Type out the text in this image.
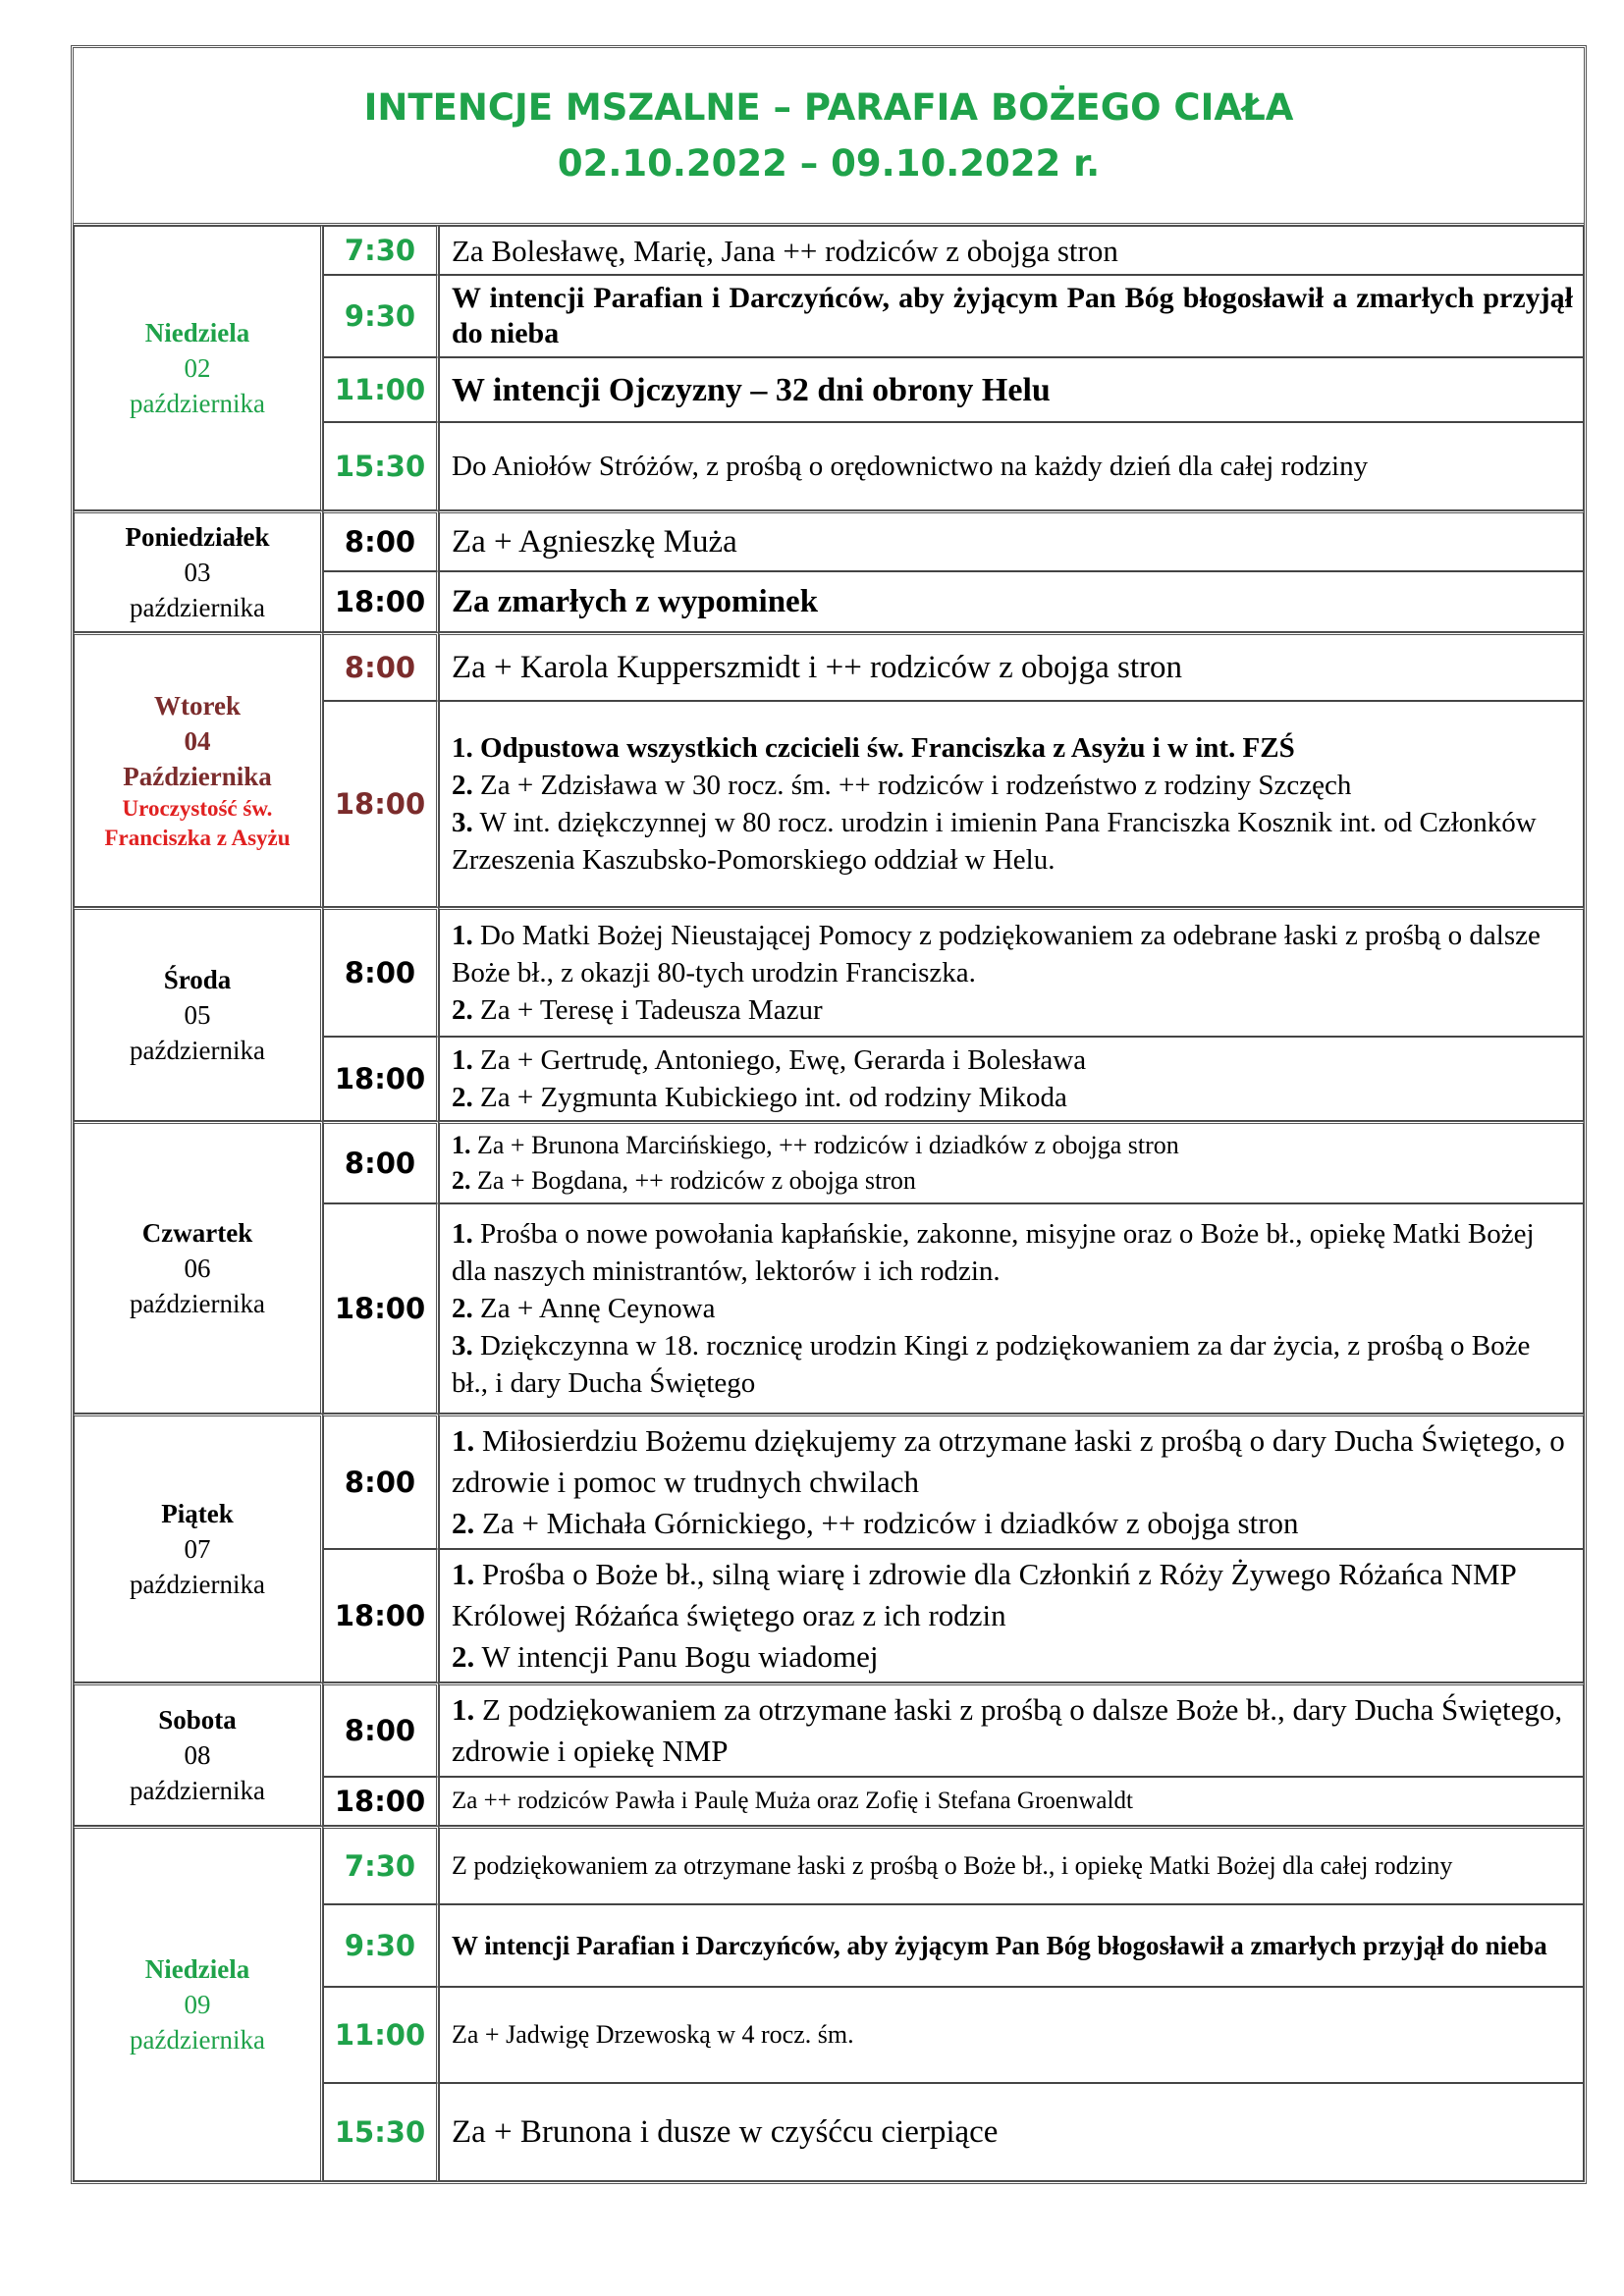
INTENCJE MSZALNE – PARAFIA BOŻEGO CIAŁA
02.10.2022 – 09.10.2022 r.
Niedziela
02
października	7:30	Za Bolesławę, Marię, Jana ++ rodziców z obojga stron
	9:30	W intencji Parafian i Darczyńców, aby żyjącym Pan Bóg błogosławił a zmarłych przyjął do nieba
	11:00	W intencji Ojczyzny – 32 dni obrony Helu
	15:30	Do Aniołów Stróżów, z prośbą o orędownictwo na każdy dzień dla całej rodziny

Poniedziałek
03
października	8:00	Za + Agnieszkę Muża
	18:00	Za zmarłych z wypominek

Wtorek
04
Października
Uroczystość św. Franciszka z Asyżu	8:00	Za + Karola Kupperszmidt i ++ rodziców z obojga stron
	18:00	1. Odpustowa wszystkich czcicieli św. Franciszka z Asyżu i w int. FZŚ
2. Za + Zdzisława w 30 rocz. śm. ++ rodziców i rodzeństwo z rodziny Szczęch
3. W int. dziękczynnej w 80 rocz. urodzin i imienin Pana Franciszka Kosznik int. od Członków Zrzeszenia Kaszubsko-Pomorskiego oddział w Helu.

Środa
05
października	8:00	1. Do Matki Bożej Nieustającej Pomocy z podziękowaniem za odebrane łaski z prośbą o dalsze Boże bł., z okazji 80-tych urodzin Franciszka.
2. Za + Teresę i Tadeusza Mazur

	18:00	1. Za + Gertrudę, Antoniego, Ewę, Gerarda i Bolesława
2. Za + Zygmunta Kubickiego int. od rodziny Mikoda

Czwartek
06
października	8:00	1. Za + Brunona Marcińskiego, ++ rodziców i dziadków z obojga stron
2. Za + Bogdana, ++ rodziców z obojga stron

	18:00	1. Prośba o nowe powołania kapłańskie, zakonne, misyjne oraz o Boże bł., opiekę Matki Bożej dla naszych ministrantów, lektorów i ich rodzin.
2. Za + Annę Ceynowa
3. Dziękczynna w 18. rocznicę urodzin Kingi z podziękowaniem za dar życia, z prośbą o Boże bł., i dary Ducha Świętego

Piątek
07
października	8:00	1. Miłosierdziu Bożemu dziękujemy za otrzymane łaski z prośbą o dary Ducha Świętego, o zdrowie i pomoc w trudnych chwilach
2. Za + Michała Górnickiego, ++ rodziców i dziadków z obojga stron

	18:00	1. Prośba o Boże bł., silną wiarę i zdrowie dla Członkiń z Róży Żywego Różańca NMP Królowej Różańca świętego oraz z ich rodzin
2. W intencji Panu Bogu wiadomej

Sobota
08
października	8:00	1. Z podziękowaniem za otrzymane łaski z prośbą o dalsze Boże bł., dary Ducha Świętego, zdrowie i opiekę NMP

	18:00	Za ++ rodziców Pawła i Paulę Muża oraz Zofię i Stefana Groenwaldt

Niedziela
09
października	7:30	Z podziękowaniem za otrzymane łaski z prośbą o Boże bł., i opiekę Matki Bożej dla całej rodziny
	9:30	W intencji Parafian i Darczyńców, aby żyjącym Pan Bóg błogosławił a zmarłych przyjął do nieba
	11:00	Za + Jadwigę Drzewoską w 4 rocz. śm.
	15:30	Za + Brunona i dusze w czyśćcu cierpiące
